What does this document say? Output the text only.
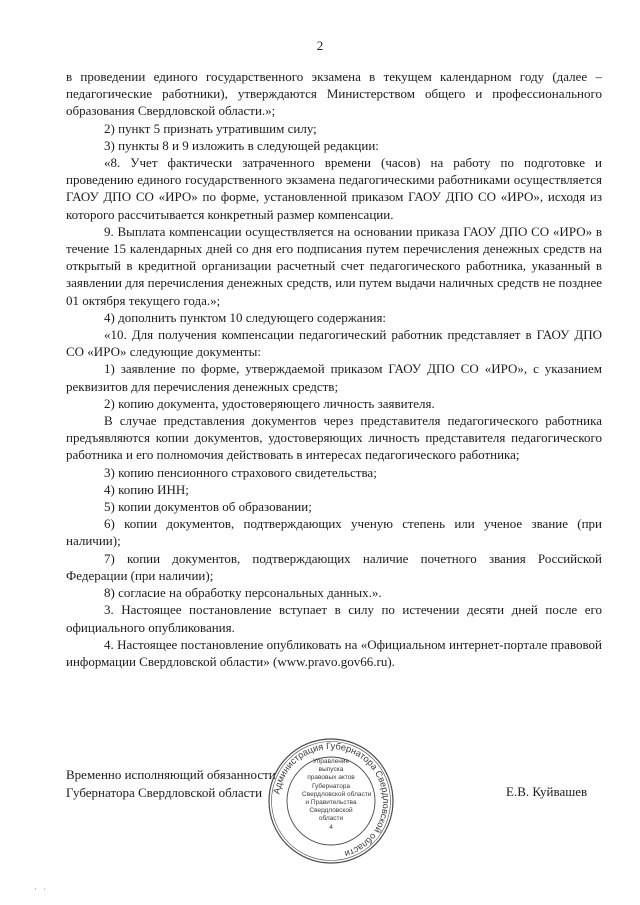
2

в проведении единого государственного экзамена в текущем календарном году (далее – педагогические работники), утверждаются Министерством общего и профессионального образования Свердловской области.»;

2) пункт 5 признать утратившим силу;

3) пункты 8 и 9 изложить в следующей редакции:

«8. Учет фактически затраченного времени (часов) на работу по подготовке и проведению единого государственного экзамена педагогическими работниками осуществляется ГАОУ ДПО СО «ИРО» по форме, установленной приказом ГАОУ ДПО СО «ИРО», исходя из которого рассчитывается конкретный размер компенсации.

9. Выплата компенсации осуществляется на основании приказа ГАОУ ДПО СО «ИРО» в течение 15 календарных дней со дня его подписания путем перечисления денежных средств на открытый в кредитной организации расчетный счет педагогического работника, указанный в заявлении для перечисления денежных средств, или путем выдачи наличных средств не позднее 01 октября текущего года.»;

4) дополнить пунктом 10 следующего содержания:

«10. Для получения компенсации педагогический работник представляет в ГАОУ ДПО СО «ИРО» следующие документы:

1) заявление по форме, утверждаемой приказом ГАОУ ДПО СО «ИРО», с указанием реквизитов для перечисления денежных средств;

2) копию документа, удостоверяющего личность заявителя.

В случае представления документов через представителя педагогического работника предъявляются копии документов, удостоверяющих личность представителя педагогического работника и его полномочия действовать в интересах педагогического работника;

3) копию пенсионного страхового свидетельства;

4) копию ИНН;

5) копии документов об образовании;

6) копии документов, подтверждающих ученую степень или ученое звание (при наличии);

7) копии документов, подтверждающих наличие почетного звания Российской Федерации (при наличии);

8) согласие на обработку персональных данных.».

3. Настоящее постановление вступает в силу по истечении десяти дней после его официального опубликования.

4. Настоящее постановление опубликовать на «Официальном интернет-портале правовой информации Свердловской области» (www.pravo.gov66.ru).

Временно исполняющий обязанности
Губернатора Свердловской области	Администрация Губернатора Свердловской области
Управление
выпуска
правовых актов
Губернатора
Свердловской области
и Правительства
Свердловской
области
4
Е.В. Куйвашев
· ·
